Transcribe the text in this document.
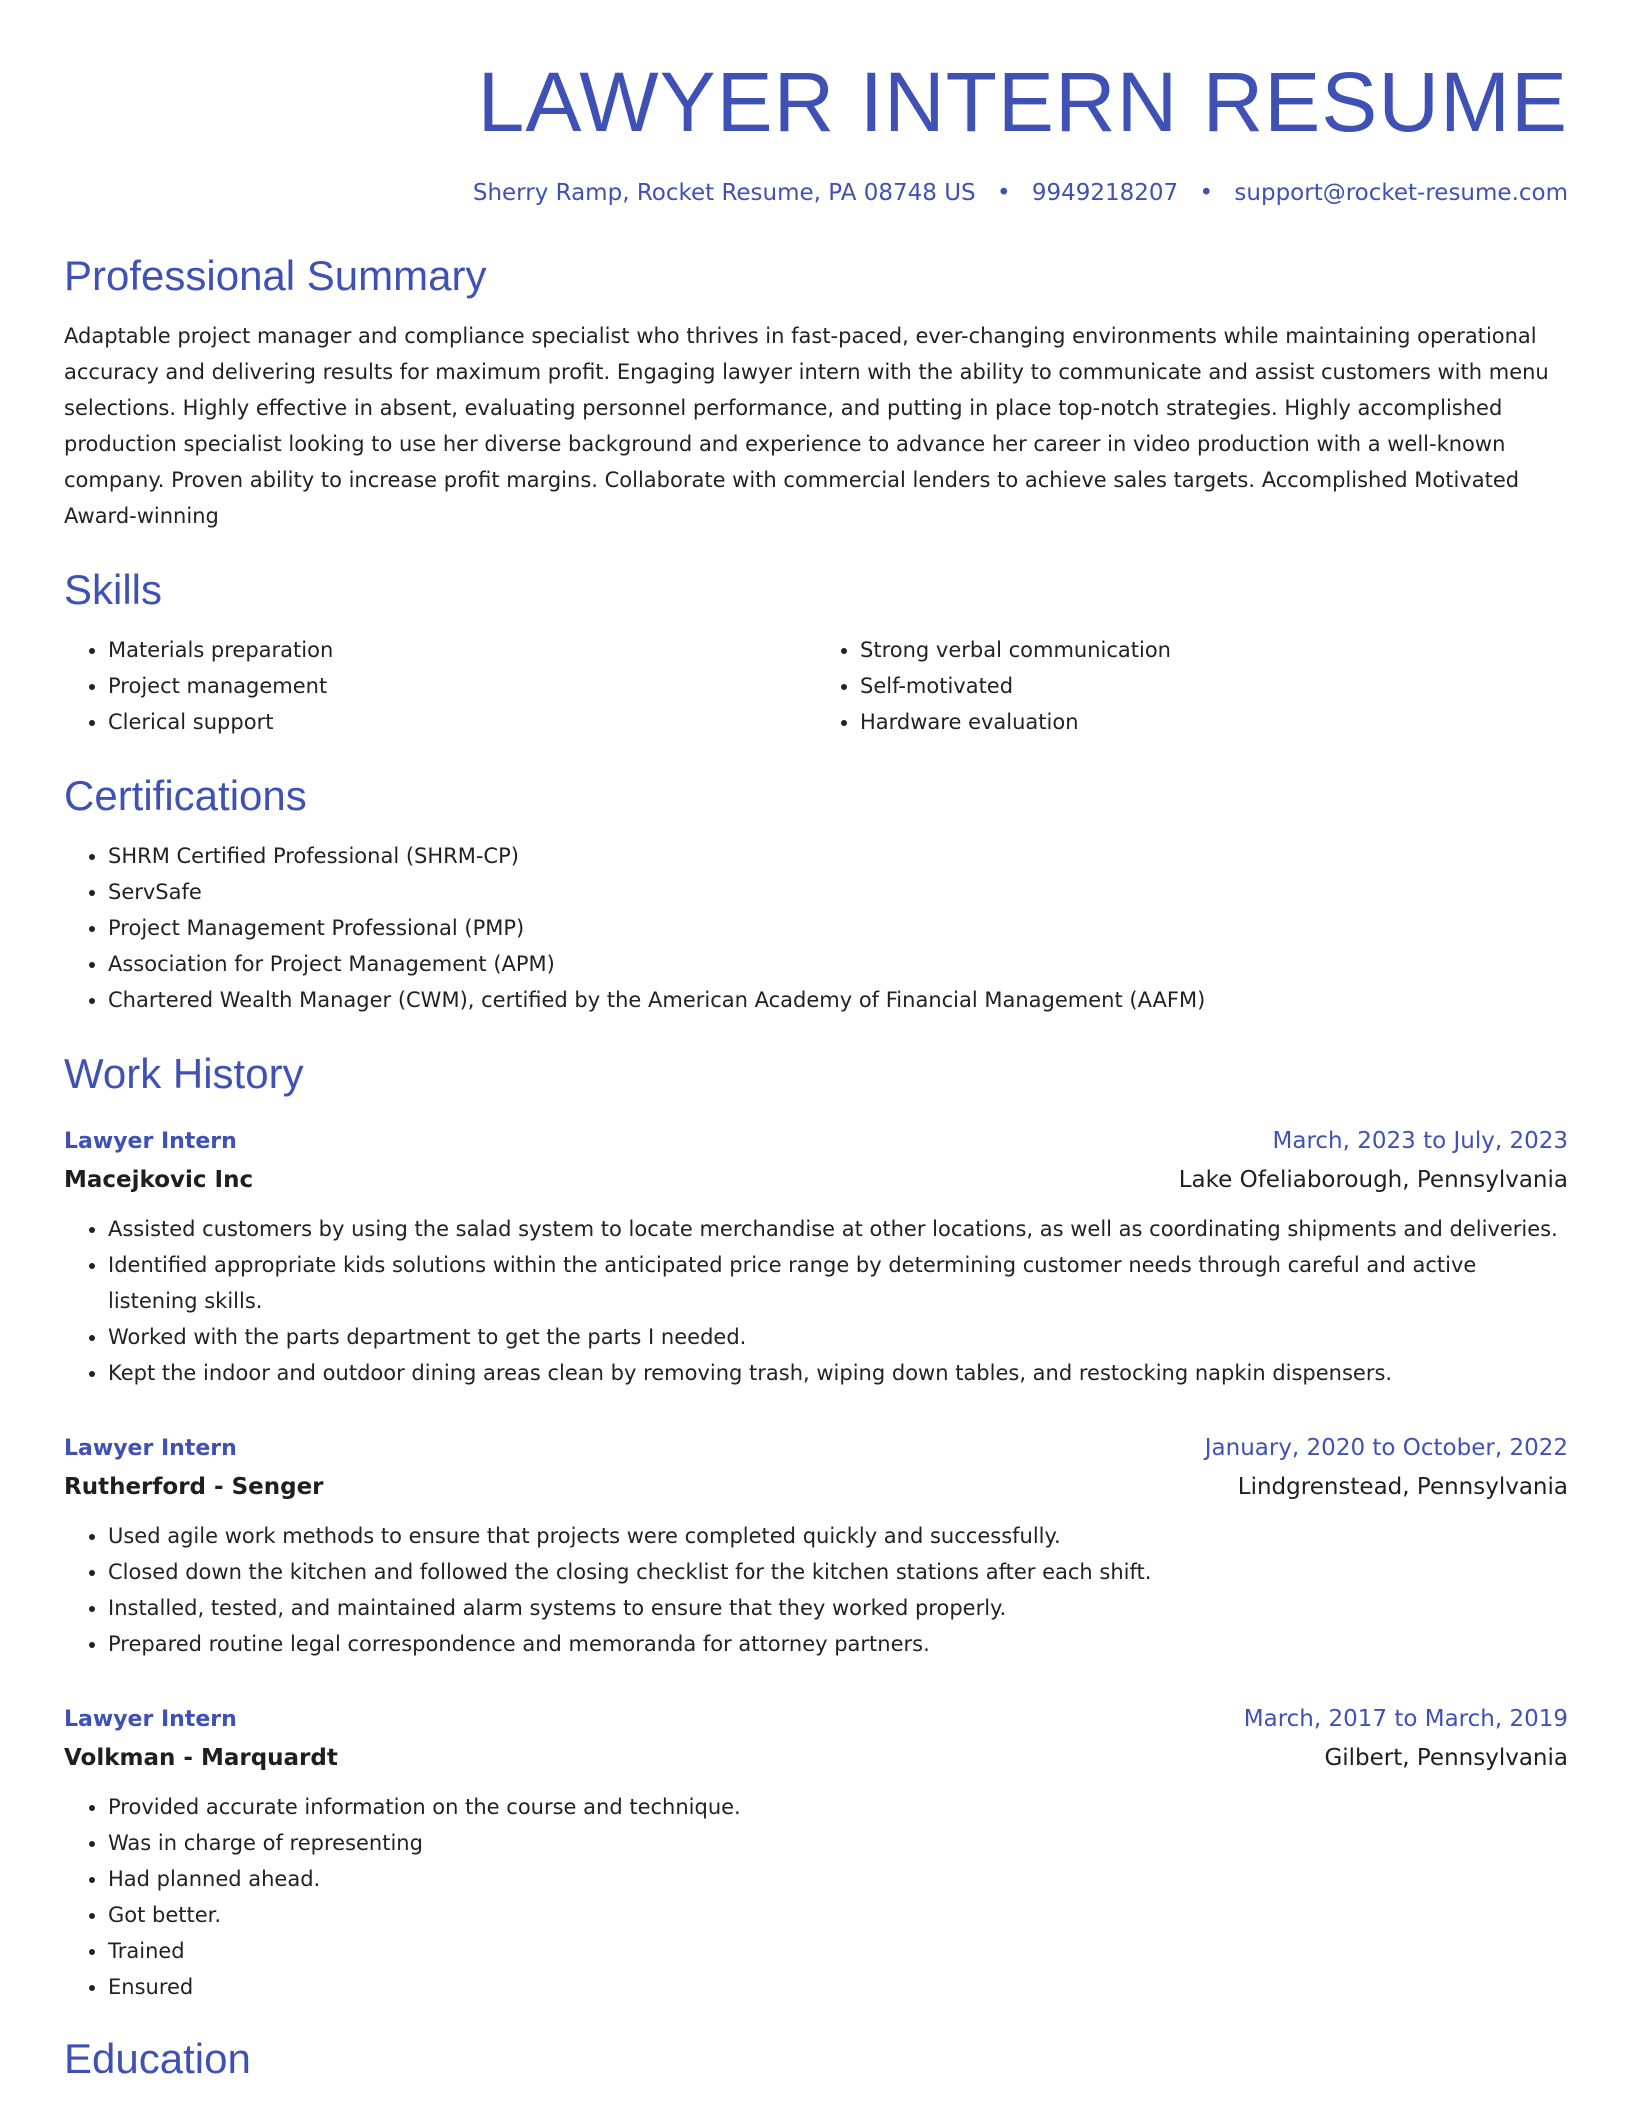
LAWYER INTERN RESUME
Sherry Ramp, Rocket Resume, PA 08748 US • 9949218207 • support@rocket-resume.com
Professional Summary

Adaptable project manager and compliance specialist who thrives in fast-paced, ever-changing environments while maintaining operational accuracy and delivering results for maximum profit. Engaging lawyer intern with the ability to communicate and assist customers with menu selections. Highly effective in absent, evaluating personnel performance, and putting in place top-notch strategies. Highly accomplished production specialist looking to use her diverse background and experience to advance her career in video production with a well-known company. Proven ability to increase profit margins. Collaborate with commercial lenders to achieve sales targets. Accomplished Motivated Award-winning

Skills
• Materials preparation
• Project management
• Clerical support
• Strong verbal communication
• Self-motivated
• Hardware evaluation
Certifications
• SHRM Certified Professional (SHRM-CP)
• ServSafe
• Project Management Professional (PMP)
• Association for Project Management (APM)
• Chartered Wealth Manager (CWM), certified by the American Academy of Financial Management (AAFM)
Work History
Lawyer Intern	March, 2023 to July, 2023
Macejkovic Inc	Lake Ofeliaborough, Pennsylvania
• Assisted customers by using the salad system to locate merchandise at other locations, as well as coordinating shipments and deliveries.
• Identified appropriate kids solutions within the anticipated price range by determining customer needs through careful and active listening skills.
• Worked with the parts department to get the parts I needed.
• Kept the indoor and outdoor dining areas clean by removing trash, wiping down tables, and restocking napkin dispensers.
Lawyer Intern	January, 2020 to October, 2022
Rutherford - Senger	Lindgrenstead, Pennsylvania
• Used agile work methods to ensure that projects were completed quickly and successfully.
• Closed down the kitchen and followed the closing checklist for the kitchen stations after each shift.
• Installed, tested, and maintained alarm systems to ensure that they worked properly.
• Prepared routine legal correspondence and memoranda for attorney partners.
Lawyer Intern	March, 2017 to March, 2019
Volkman - Marquardt	Gilbert, Pennsylvania
• Provided accurate information on the course and technique.
• Was in charge of representing
• Had planned ahead.
• Got better.
• Trained
• Ensured
Education
